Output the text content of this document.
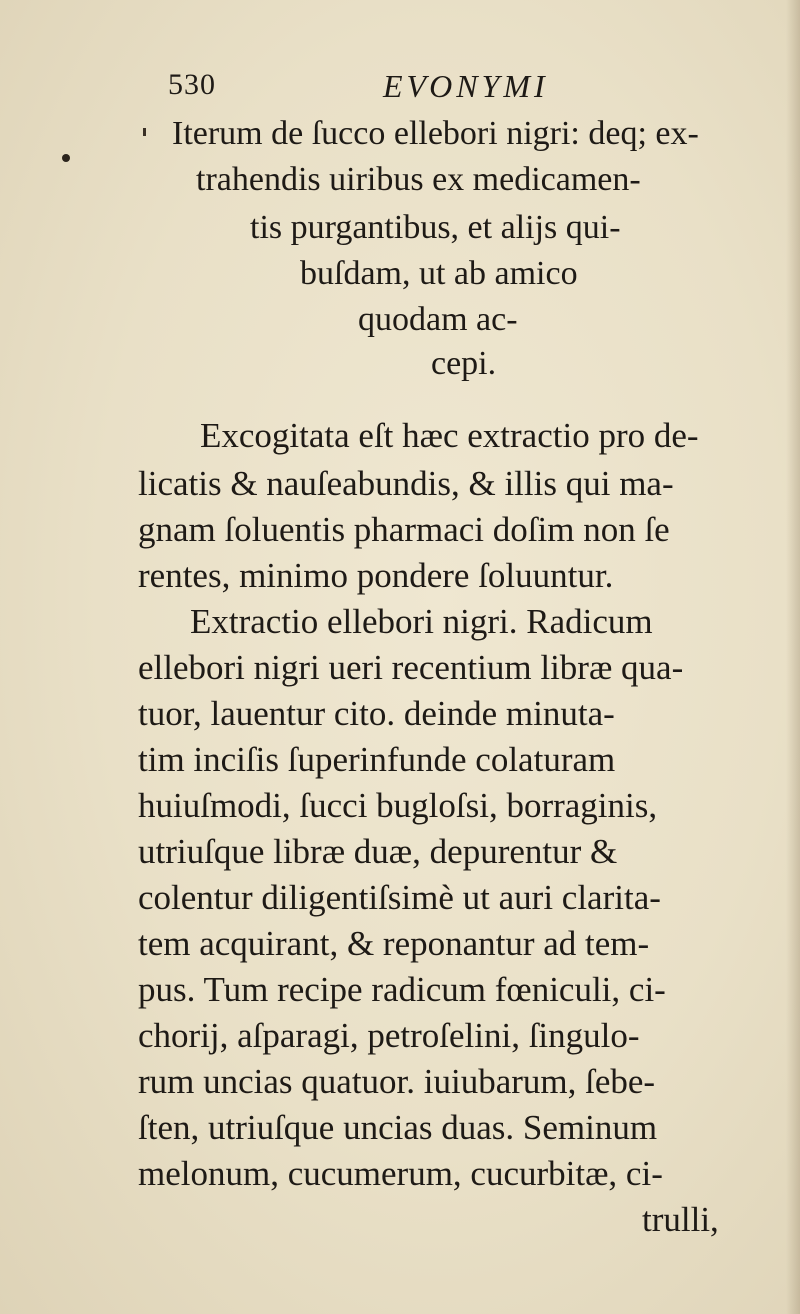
530	EVONYMI
Iterum de ſucco ellebori nigri: deq; ex-
trahendis uiribus ex medicamen-
tis purgantibus, et alijs qui-
buſdam, ut ab amico
quodam ac-
cepi.
Excogitata eſt hæc extractio pro de-
licatis & nauſeabundis, & illis qui ma-
gnam ſoluentis pharmaci doſim non ſe
rentes, minimo pondere ſoluuntur.
Extractio ellebori nigri. Radicum
ellebori nigri ueri recentium libræ qua-
tuor, lauentur cito. deinde minuta-
tim inciſis ſuperinfunde colaturam
huiuſmodi, ſucci bugloſsi, borraginis,
utriuſque libræ duæ, depurentur &
colentur diligentiſsimè ut auri clarita-
tem acquirant, & reponantur ad tem-
pus. Tum recipe radicum fœniculi, ci-
chorij, aſparagi, petroſelini, ſingulo-
rum uncias quatuor. iuiubarum, ſebe-
ſten, utriuſque uncias duas. Seminum
melonum, cucumerum, cucurbitæ, ci-
trulli,
